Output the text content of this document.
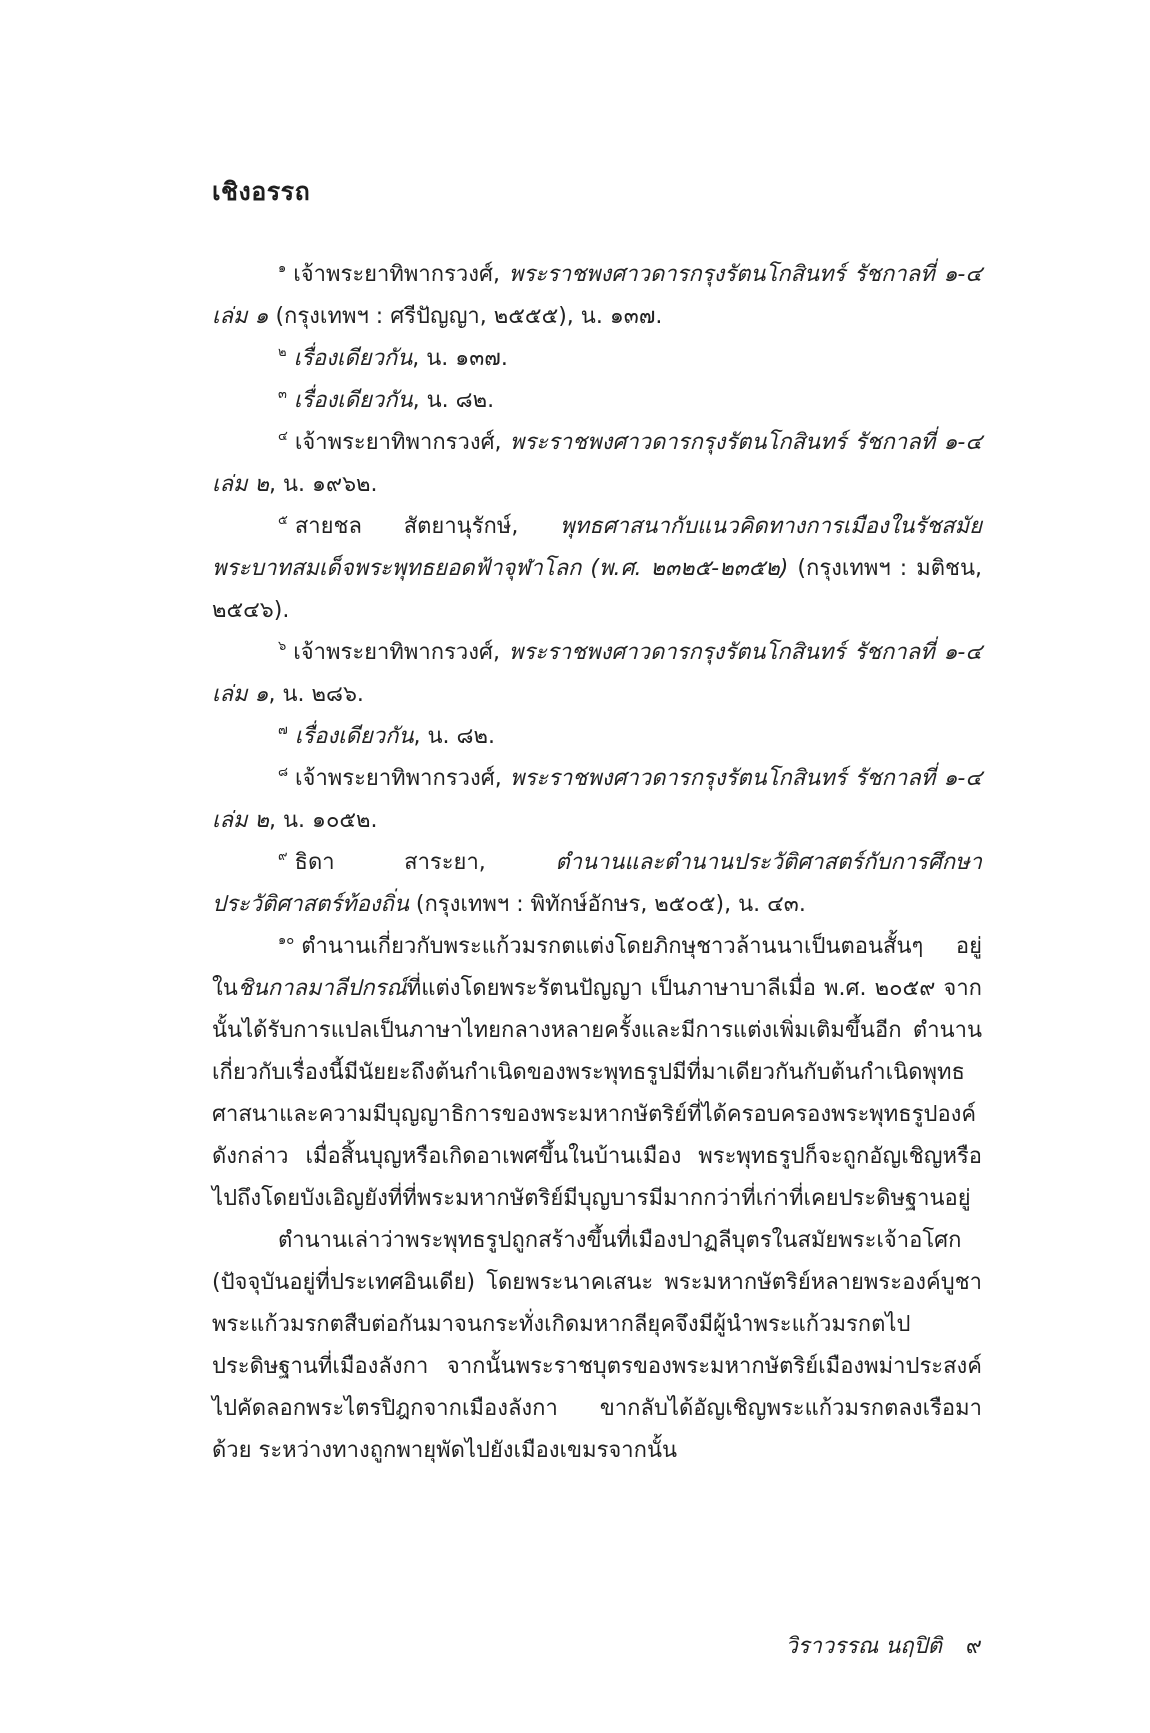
เชิงอรรถ

$^๑$ เจ้าพระยาทิพากรวงศ์, พระราชพงศาวดารกรุงรัตนโกสินทร์ รัชกาลที่ ๑-๔ เล่ม ๑ (กรุงเทพฯ : ศรีปัญญา, ๒๕๕๕), น. ๑๓๗.

$^๒$ เรื่องเดียวกัน, น. ๑๓๗.

$^๓$ เรื่องเดียวกัน, น. ๘๒.

$^๔$ เจ้าพระยาทิพากรวงศ์, พระราชพงศาวดารกรุงรัตนโกสินทร์ รัชกาลที่ ๑-๔ เล่ม ๒, น. ๑๙๖๒.

$^๕$ สายชล สัตยานุรักษ์, พุทธศาสนากับแนวคิดทางการเมืองในรัชสมัยพระบาทสมเด็จพระพุทธยอดฟ้าจุฬาโลก (พ.ศ. ๒๓๒๕-๒๓๕๒) (กรุงเทพฯ : มติชน, ๒๕๔๖).

$^๖$ เจ้าพระยาทิพากรวงศ์, พระราชพงศาวดารกรุงรัตนโกสินทร์ รัชกาลที่ ๑-๔ เล่ม ๑, น. ๒๘๖.

$^๗$ เรื่องเดียวกัน, น. ๘๒.

$^๘$ เจ้าพระยาทิพากรวงศ์, พระราชพงศาวดารกรุงรัตนโกสินทร์ รัชกาลที่ ๑-๔ เล่ม ๒, น. ๑๐๕๒.

$^๙$ ธิดา สาระยา, ตำนานและตำนานประวัติศาสตร์กับการศึกษาประวัติศาสตร์ท้องถิ่น (กรุงเทพฯ : พิทักษ์อักษร, ๒๕๐๕), น. ๔๓.

$^{๑๐}$ ตำนานเกี่ยวกับพระแก้วมรกตแต่งโดยภิกษุชาวล้านนาเป็นตอนสั้นๆ อยู่ในชินกาลมาลีปกรณ์ที่แต่งโดยพระรัตนปัญญา เป็นภาษาบาลีเมื่อ พ.ศ. ๒๐๕๙ จากนั้นได้รับการแปลเป็นภาษาไทยกลางหลายครั้งและมีการแต่งเพิ่มเติมขึ้นอีก ตำนานเกี่ยวกับเรื่องนี้มีนัยยะถึงต้นกำเนิดของพระพุทธรูปมีที่มาเดียวกันกับต้นกำเนิดพุทธศาสนาและความมีบุญญาธิการของพระมหากษัตริย์ที่ได้ครอบครองพระพุทธรูปองค์ดังกล่าว เมื่อสิ้นบุญหรือเกิดอาเพศขึ้นในบ้านเมือง พระพุทธรูปก็จะถูกอัญเชิญหรือไปถึงโดยบังเอิญยังที่ที่พระมหากษัตริย์มีบุญบารมีมากกว่าที่เก่าที่เคยประดิษฐานอยู่

ตำนานเล่าว่าพระพุทธรูปถูกสร้างขึ้นที่เมืองปาฏลีบุตรในสมัยพระเจ้าอโศก (ปัจจุบันอยู่ที่ประเทศอินเดีย) โดยพระนาคเสนะ พระมหากษัตริย์หลายพระองค์บูชาพระแก้วมรกตสืบต่อกันมาจนกระทั่งเกิดมหากลียุคจึงมีผู้นำพระแก้วมรกตไปประดิษฐานที่เมืองลังกา จากนั้นพระราชบุตรของพระมหากษัตริย์เมืองพม่าประสงค์ไปคัดลอกพระไตรปิฎกจากเมืองลังกา ขากลับได้อัญเชิญพระแก้วมรกตลงเรือมาด้วย ระหว่างทางถูกพายุพัดไปยังเมืองเขมรจากนั้น

วิราวรรณ นฤปิติ ๙
